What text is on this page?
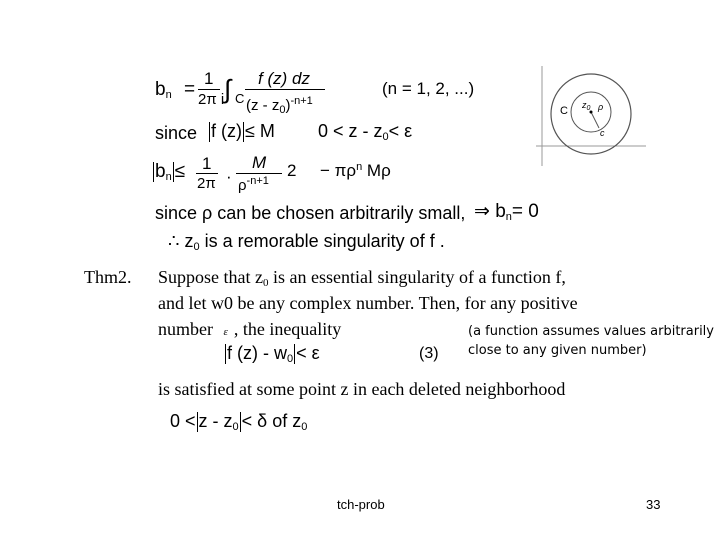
$b_n$ =
1
2π i ∫ C
f (z) dz
$(z - z_0)^{-n+1}$
(n = 1, 2, ...)
since f (z) ≤ M $0 < z - z_0< \varepsilon$
$b_n \le 1$
2π ·
M
$\rho^{-n+1}$
$2 - \pi\rho^n$ Mρ
since ρ can be chosen arbitrarily small, ⇒ $b_n= 0$
∴ $z_0$ is a remorable singularity of f .
C $z_0$ ρ
c
Thm2. Suppose that $z_0$ is an essential singularity of a function f,
and let w0 be any complex number. Then, for any positive
number ε , the inequality
f $(z) - w_0 < \varepsilon$	(3)
(a function assumes values arbitrarily
close to any given number)
is satisfied at some point z in each deleted neighborhood
$0 < z - z_0 < \delta$ of $z_0$
tch-prob	33
